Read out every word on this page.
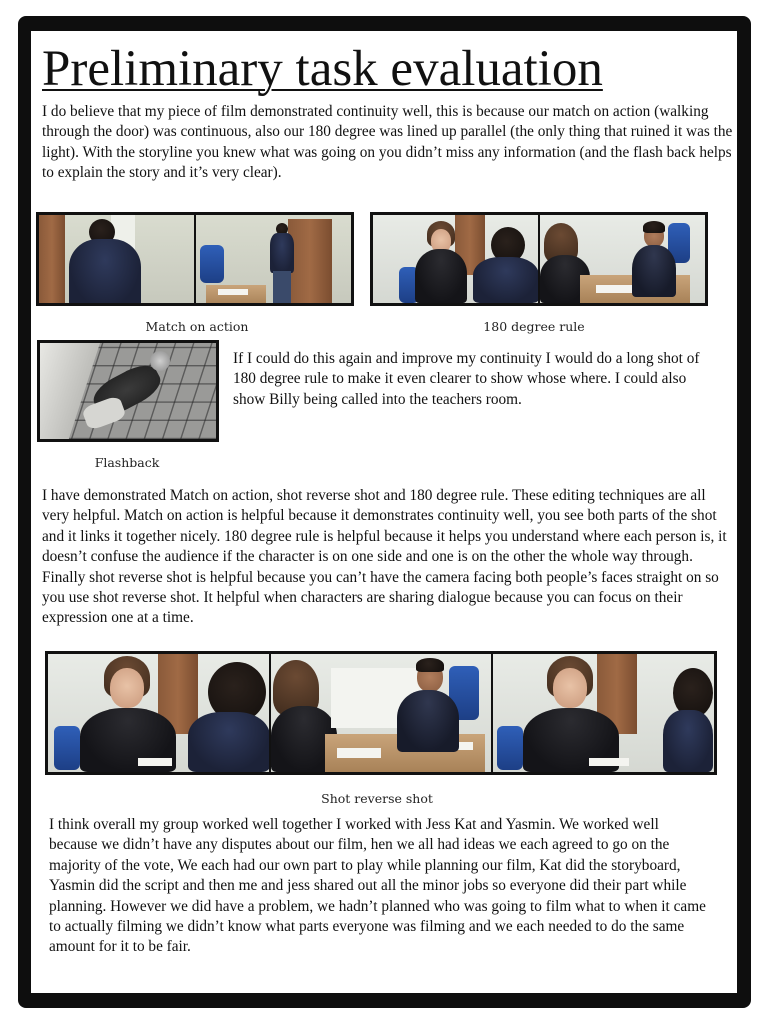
Preliminary task evaluation

I do believe that my piece of film demonstrated continuity well, this is because our match on action (walking through the door) was continuous, also our 180 degree was lined up parallel (the only thing that ruined it was the light). With the storyline you knew what was going on you didn’t miss any information (and the flash back helps to explain the story and it’s very clear).

Match on action	180 degree rule
Flashback

If I could do this again and improve my continuity I would do a long shot of 180 degree rule to make it even clearer to show whose where. I could also show Billy being called into the teachers room.

I have demonstrated Match on action, shot reverse shot and 180 degree rule. These editing techniques are all very helpful. Match on action is helpful because it demonstrates continuity well, you see both parts of the shot and it links it together nicely. 180 degree rule is helpful because it helps you understand where each person is, it doesn’t confuse the audience if the character is on one side and one is on the other the whole way through. Finally shot reverse shot is helpful because you can’t have the camera facing both people’s faces straight on so you use shot reverse shot. It helpful when characters are sharing dialogue because you can focus on their expression one at a time.

Shot reverse shot

I think overall my group worked well together I worked with Jess Kat and Yasmin. We worked well because we didn’t have any disputes about our film, hen we all had ideas we each agreed to go on the majority of the vote, We each had our own part to play while planning our film, Kat did the storyboard, Yasmin did the script and then me and jess shared out all the minor jobs so everyone did their part while planning. However we did have a problem, we hadn’t planned who was going to film what to when it came to actually filming we didn’t know what parts everyone was filming and we each needed to do the same amount for it to be fair.
